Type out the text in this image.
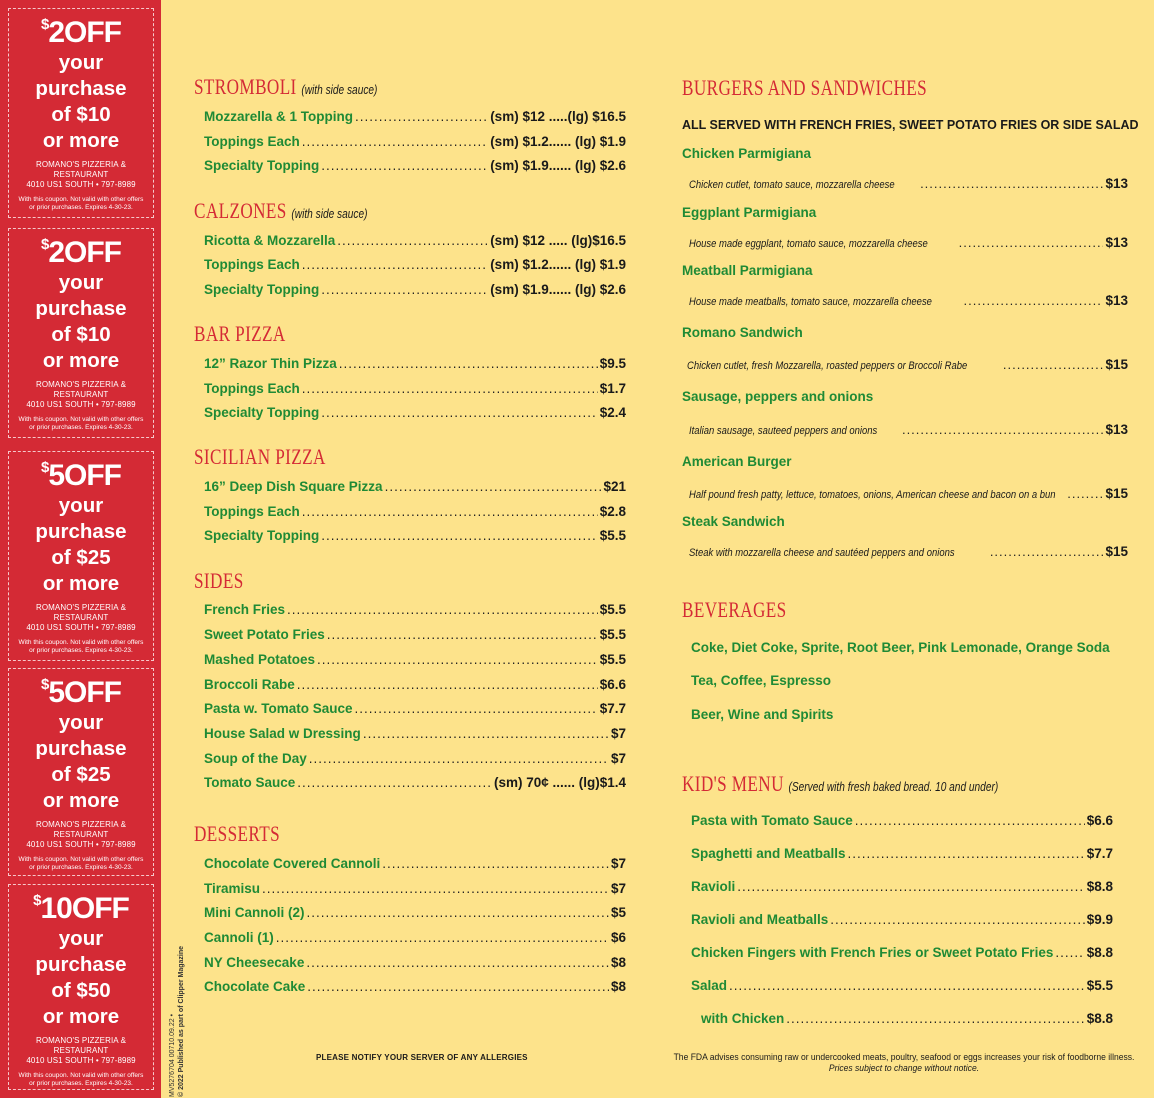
$2OFF
your
purchase
of $10
or more
ROMANO'S PIZZERIA & RESTAURANT
4010 US1 SOUTH • 797-8989
With this coupon. Not valid with other offers
or prior purchases. Expires 4-30-23.
$2OFF
your
purchase
of $10
or more
ROMANO'S PIZZERIA & RESTAURANT
4010 US1 SOUTH • 797-8989
With this coupon. Not valid with other offers
or prior purchases. Expires 4-30-23.
$5OFF
your
purchase
of $25
or more
ROMANO'S PIZZERIA & RESTAURANT
4010 US1 SOUTH • 797-8989
With this coupon. Not valid with other offers
or prior purchases. Expires 4-30-23.
$5OFF
your
purchase
of $25
or more
ROMANO'S PIZZERIA & RESTAURANT
4010 US1 SOUTH • 797-8989
With this coupon. Not valid with other offers
or prior purchases. Expires 4-30-23.
$10OFF
your
purchase
of $50
or more
ROMANO'S PIZZERIA & RESTAURANT
4010 US1 SOUTH • 797-8989
With this coupon. Not valid with other offers
or prior purchases. Expires 4-30-23.	MV5276704 00710.09.22 • © 2022 Published as part of Clipper Magazine
STROMBOLI (with side sauce)
Mozzarella & 1 Topping .....	(sm) $12 .....(lg) $16.5
Toppings Each .....	(sm) $1.2...... (lg) $1.9
Specialty Topping .....	(sm) $1.9...... (lg) $2.6
CALZONES (with side sauce)
Ricotta & Mozzarella .....	(sm) $12 ..... (lg)$16.5
Toppings Each .....	(sm) $1.2...... (lg) $1.9
Specialty Topping .....	(sm) $1.9...... (lg) $2.6
BAR PIZZA
12” Razor Thin Pizza .....	$9.5
Toppings Each .....	$1.7
Specialty Topping .....	$2.4
SICILIAN PIZZA
16” Deep Dish Square Pizza .....	$21
Toppings Each .....	$2.8
Specialty Topping .....	$5.5
SIDES
French Fries .....	$5.5
Sweet Potato Fries .....	$5.5
Mashed Potatoes .....	$5.5
Broccoli Rabe .....	$6.6
Pasta w. Tomato Sauce .....	$7.7
House Salad w Dressing .....	$7
Soup of the Day .....	$7
Tomato Sauce .....	(sm) 70¢ ...... (lg)$1.4
DESSERTS
Chocolate Covered Cannoli .....	$7
Tiramisu .....	$7
Mini Cannoli (2) .....	$5
Cannoli (1) .....	$6
NY Cheesecake .....	$8
Chocolate Cake .....	$8
PLEASE NOTIFY YOUR SERVER OF ANY ALLERGIES
BURGERS AND SANDWICHES
ALL SERVED WITH FRENCH FRIES, SWEET POTATO FRIES OR SIDE SALAD
Chicken Parmigiana
Chicken cutlet, tomato sauce, mozzarella cheese .....	$13
Eggplant Parmigiana
House made eggplant, tomato sauce, mozzarella cheese .....	$13
Meatball Parmigiana
House made meatballs, tomato sauce, mozzarella cheese .....	$13
Romano Sandwich
Chicken cutlet, fresh Mozzarella, roasted peppers or Broccoli Rabe .....	$15
Sausage, peppers and onions
Italian sausage, sauteed peppers and onions .....	$13
American Burger
Half pound fresh patty, lettuce, tomatoes, onions, American cheese and bacon on a bun .....	$15
Steak Sandwich
Steak with mozzarella cheese and sautéed peppers and onions .....	$15
BEVERAGES
Coke, Diet Coke, Sprite, Root Beer, Pink Lemonade, Orange Soda
Tea, Coffee, Espresso
Beer, Wine and Spirits
KID'S MENU (Served with fresh baked bread. 10 and under)
Pasta with Tomato Sauce .....	$6.6
Spaghetti and Meatballs .....	$7.7
Ravioli .....	$8.8
Ravioli and Meatballs .....	$9.9
Chicken Fingers with French Fries or Sweet Potato Fries ..... $8.8
Salad .....	$5.5
with Chicken .....	$8.8
The FDA advises consuming raw or undercooked meats, poultry, seafood or eggs increases your risk of foodborne illness.
Prices subject to change without notice.
